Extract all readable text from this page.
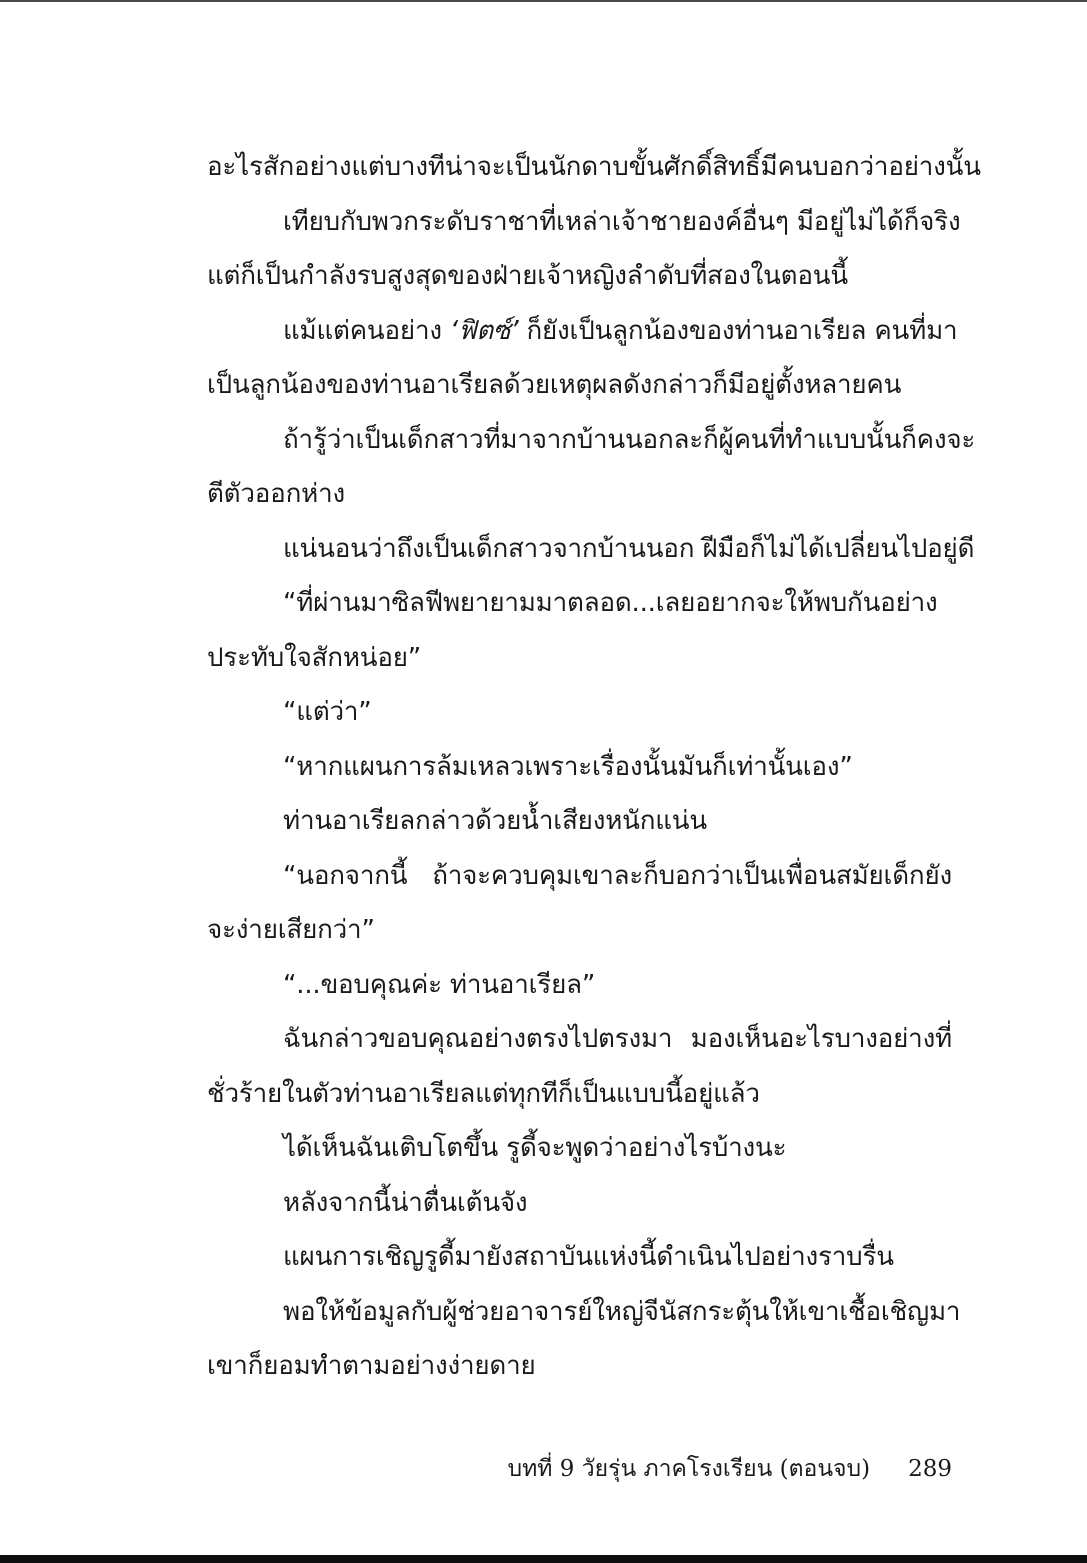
อะไรสักอย่างแต่บางทีน่าจะเป็นนักดาบขั้นศักดิ์สิทธิ์มีคนบอกว่าอย่างนั้น
เทียบกับพวกระดับราชาที่เหล่าเจ้าชายองค์อื่นๆ มีอยู่ไม่ได้ก็จริง
แต่ก็เป็นกำลังรบสูงสุดของฝ่ายเจ้าหญิงลำดับที่สองในตอนนี้
แม้แต่คนอย่าง ‘ฟิตซ์’ ก็ยังเป็นลูกน้องของท่านอาเรียล คนที่มา
เป็นลูกน้องของท่านอาเรียลด้วยเหตุผลดังกล่าวก็มีอยู่ตั้งหลายคน
ถ้ารู้ว่าเป็นเด็กสาวที่มาจากบ้านนอกละก็ผู้คนที่ทำแบบนั้นก็คงจะ
ตีตัวออกห่าง
แน่นอนว่าถึงเป็นเด็กสาวจากบ้านนอก ฝีมือก็ไม่ได้เปลี่ยนไปอยู่ดี
“ที่ผ่านมาซิลฟีพยายามมาตลอด...เลยอยากจะให้พบกันอย่าง
ประทับใจสักหน่อย”
“แต่ว่า”
“หากแผนการล้มเหลวเพราะเรื่องนั้นมันก็เท่านั้นเอง”
ท่านอาเรียลกล่าวด้วยน้ำเสียงหนักแน่น
“นอกจากนี้ ถ้าจะควบคุมเขาละก็บอกว่าเป็นเพื่อนสมัยเด็กยัง
จะง่ายเสียกว่า”
“...ขอบคุณค่ะ ท่านอาเรียล”
ฉันกล่าวขอบคุณอย่างตรงไปตรงมา มองเห็นอะไรบางอย่างที่
ชั่วร้ายในตัวท่านอาเรียลแต่ทุกทีก็เป็นแบบนี้อยู่แล้ว
ได้เห็นฉันเติบโตขึ้น รูดี้จะพูดว่าอย่างไรบ้างนะ
หลังจากนี้น่าตื่นเต้นจัง
แผนการเชิญรูดี้มายังสถาบันแห่งนี้ดำเนินไปอย่างราบรื่น
พอให้ข้อมูลกับผู้ช่วยอาจารย์ใหญ่จีนัสกระตุ้นให้เขาเชื้อเชิญมา
เขาก็ยอมทำตามอย่างง่ายดาย
บทที่ 9 วัยรุ่น ภาคโรงเรียน (ตอนจบ) 289
